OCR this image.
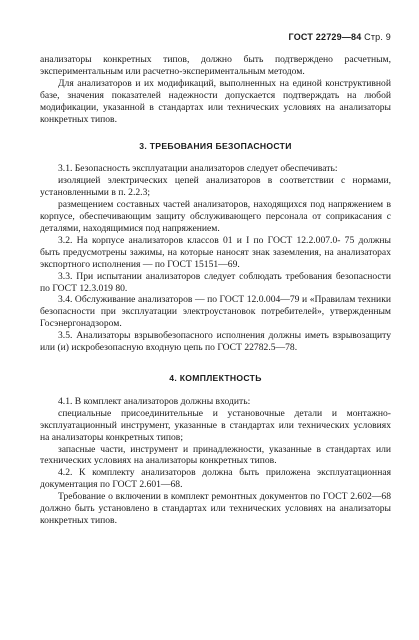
ГОСТ 22729—84 Стр. 9

анализаторы конкретных типов, должно быть подтверждено расчетным, экспериментальным или расчетно-экспериментальным методом.

Для анализаторов и их модификаций, выполненных на единой конструктивной базе, значения показателей надежности допускается подтверждать на любой модификации, указанной в стандартах или технических условиях на анализаторы конкретных типов.

3. ТРЕБОВАНИЯ БЕЗОПАСНОСТИ

3.1. Безопасность эксплуатации анализаторов следует обеспечивать:

изоляцией электрических цепей анализаторов в соответствии с нормами, установленными в п. 2.2.3;

размещением составных частей анализаторов, находящихся под напряжением в корпусе, обеспечивающим защиту обслуживающего персонала от соприкасания с деталями, находящимися под напряжением.

3.2. На корпусе анализаторов классов 01 и I по ГОСТ 12.2.007.0- 75 должны быть предусмотрены зажимы, на которые наносят знак заземления, на анализаторах экспортного исполнения — по ГОСТ 15151—69.

3.3. При испытании анализаторов следует соблюдать требования безопасности по ГОСТ 12.3.019 80.

3.4. Обслуживание анализаторов — по ГОСТ 12.0.004—79 и «Правилам техники безопасности при эксплуатации электроустановок потребителей», утвержденным Госэнергонадзором.

3.5. Анализаторы взрывобезопасного исполнения должны иметь взрывозащиту или (и) искробезопасную входную цепь по ГОСТ 22782.5—78.

4. КОМПЛЕКТНОСТЬ

4.1. В комплект анализаторов должны входить:

специальные присоединительные и установочные детали и монтажно-эксплуатационный инструмент, указанные в стандартах или технических условиях на анализаторы конкретных типов;

запасные части, инструмент и принадлежности, указанные в стандартах или технических условиях на анализаторы конкретных типов.

4.2. К комплекту анализаторов должна быть приложена эксплуатационная документация по ГОСТ 2.601—68.

Требование о включении в комплект ремонтных документов по ГОСТ 2.602—68 должно быть установлено в стандартах или технических условиях на анализаторы конкретных типов.
